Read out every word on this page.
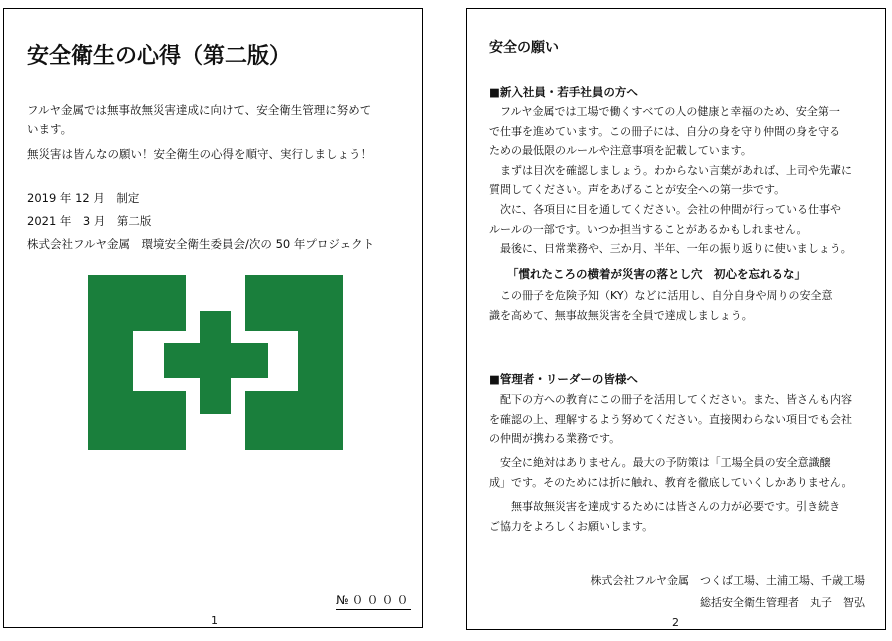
安全衛生の心得（第二版）
フルヤ金属では無事故無災害達成に向けて、安全衛生管理に努めて
います。
無災害は皆んなの願い！安全衛生の心得を順守、実行しましょう！
2019 年 12 月　制定
2021 年　3 月　第二版
株式会社フルヤ金属　環境安全衛生委員会/次の 50 年プロジェクト
№００００
1
安全の願い
■新入社員・若手社員の方へ
　フルヤ金属では工場で働くすべての人の健康と幸福のため、安全第一
で仕事を進めています。この冊子には、自分の身を守り仲間の身を守る
ための最低限のルールや注意事項を記載しています。
　まずは目次を確認しましょう。わからない言葉があれば、上司や先輩に
質問してください。声をあげることが安全への第一歩です。
　次に、各項目に目を通してください。会社の仲間が行っている仕事や
ルールの一部です。いつか担当することがあるかもしれません。
　最後に、日常業務や、三か月、半年、一年の振り返りに使いましょう。
「慣れたころの横着が災害の落とし穴　初心を忘れるな」
　この冊子を危険予知（KY）などに活用し、自分自身や周りの安全意
識を高めて、無事故無災害を全員で達成しましょう。
■管理者・リーダーの皆様へ
　配下の方への教育にこの冊子を活用してください。また、皆さんも内容
を確認の上、理解するよう努めてください。直接関わらない項目でも会社
の仲間が携わる業務です。
　安全に絶対はありません。最大の予防策は「工場全員の安全意識醸
成」です。そのためには折に触れ、教育を徹底していくしかありません。
　　無事故無災害を達成するためには皆さんの力が必要です。引き続き
ご協力をよろしくお願いします。
株式会社フルヤ金属　つくば工場、土浦工場、千歳工場
総括安全衛生管理者　丸子　智弘
2
